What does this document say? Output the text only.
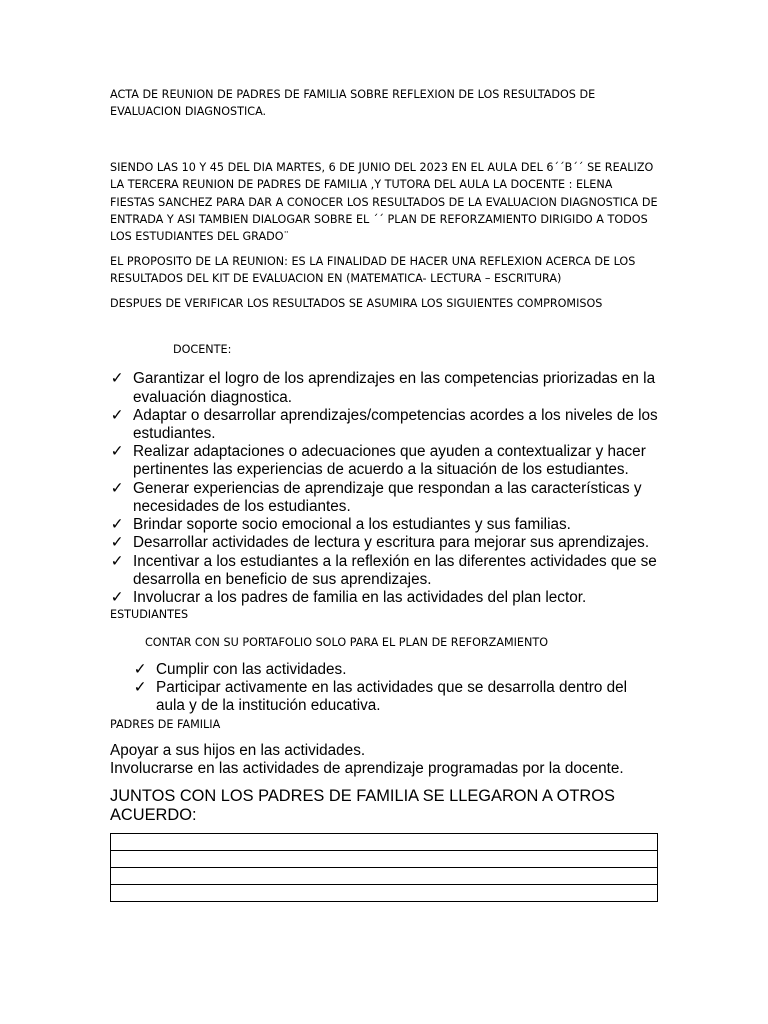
ACTA DE REUNION DE PADRES DE FAMILIA SOBRE REFLEXION DE LOS RESULTADOS DE EVALUACION DIAGNOSTICA.

SIENDO LAS 10 Y 45 DEL DIA MARTES, 6 DE JUNIO DEL 2023 EN EL AULA DEL 6´´B´´ SE REALIZO LA TERCERA REUNION DE PADRES DE FAMILIA ,Y TUTORA DEL AULA LA DOCENTE : ELENA FIESTAS SANCHEZ PARA DAR A CONOCER LOS RESULTADOS DE LA EVALUACION DIAGNOSTICA DE ENTRADA Y ASI TAMBIEN DIALOGAR SOBRE EL ´´ PLAN DE REFORZAMIENTO DIRIGIDO A TODOS LOS ESTUDIANTES DEL GRADO¨

EL PROPOSITO DE LA REUNION: ES LA FINALIDAD DE HACER UNA REFLEXION ACERCA DE LOS RESULTADOS DEL KIT DE EVALUACION EN (MATEMATICA- LECTURA – ESCRITURA)

DESPUES DE VERIFICAR LOS RESULTADOS SE ASUMIRA LOS SIGUIENTES COMPROMISOS

DOCENTE:

✓ Garantizar el logro de los aprendizajes en las competencias priorizadas en la evaluación diagnostica.
✓ Adaptar o desarrollar aprendizajes/competencias acordes a los niveles de los estudiantes.
✓ Realizar adaptaciones o adecuaciones que ayuden a contextualizar y hacer pertinentes las experiencias de acuerdo a la situación de los estudiantes.
✓ Generar experiencias de aprendizaje que respondan a las características y necesidades de los estudiantes.
✓ Brindar soporte socio emocional a los estudiantes y sus familias.
✓ Desarrollar actividades de lectura y escritura para mejorar sus aprendizajes.
✓ Incentivar a los estudiantes a la reflexión en las diferentes actividades que se desarrolla en beneficio de sus aprendizajes.
✓ Involucrar a los padres de familia en las actividades del plan lector.

ESTUDIANTES

CONTAR CON SU PORTAFOLIO SOLO PARA EL PLAN DE REFORZAMIENTO

✓ Cumplir con las actividades.
✓ Participar activamente en las actividades que se desarrolla dentro del aula y de la institución educativa.

PADRES DE FAMILIA

Apoyar a sus hijos en las actividades.

Involucrarse en las actividades de aprendizaje programadas por la docente.

JUNTOS CON LOS PADRES DE FAMILIA SE LLEGARON A OTROS ACUERDO:
